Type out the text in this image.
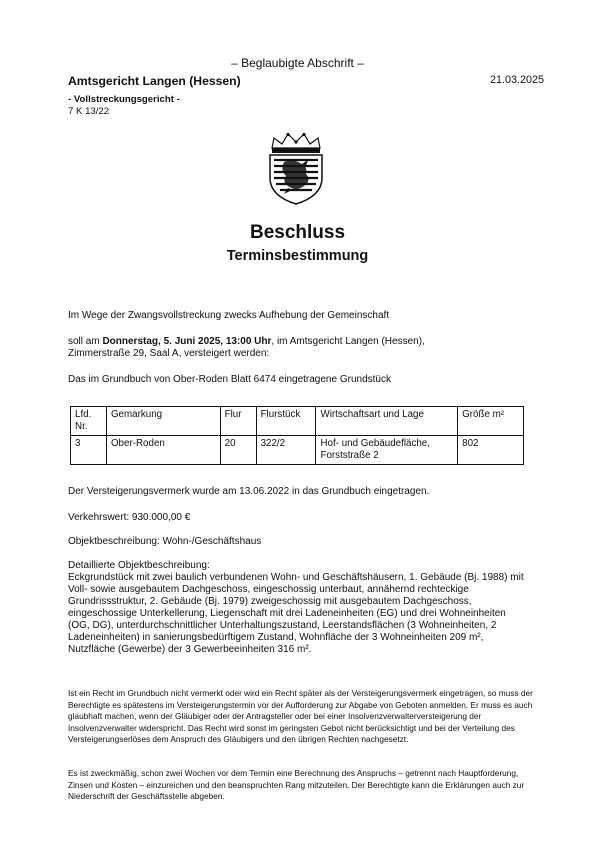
– Beglaubigte Abschrift –
Amtsgericht Langen (Hessen)	21.03.2025
- Vollstreckungsgericht -
7 K 13/22
Beschluss
Terminsbestimmung
Im Wege der Zwangsvollstreckung zwecks Aufhebung der Gemeinschaft
soll am Donnerstag, 5. Juni 2025, 13:00 Uhr, im Amtsgericht Langen (Hessen),
Zimmerstraße 29, Saal A, versteigert werden:
Das im Grundbuch von Ober-Roden Blatt 6474 eingetragene Grundstück
Lfd. Nr.	Gemarkung	Flur	Flurstück	Wirtschaftsart und Lage	Größe m²
3	Ober-Roden	20	322/2	Hof- und Gebäudefläche, Forststraße 2	802
Der Versteigerungsvermerk wurde am 13.06.2022 in das Grundbuch eingetragen.
Verkehrswert: 930.000,00 €
Objektbeschreibung: Wohn-/Geschäftshaus
Detaillierte Objektbeschreibung:
Eckgrundstück mit zwei baulich verbundenen Wohn- und Geschäftshäusern, 1. Gebäude (Bj. 1988) mit Voll- sowie ausgebautem Dachgeschoss, eingeschossig unterbaut, annähernd rechteckige Grundrissstruktur, 2. Gebäude (Bj. 1979) zweigeschossig mit ausgebautem Dachgeschoss, eingeschossige Unterkellerung, Liegenschaft mit drei Ladeneinheiten (EG) und drei Wohneinheiten (OG, DG), unterdurchschnittlicher Unterhaltungszustand, Leerstandsflächen (3 Wohneinheiten, 2 Ladeneinheiten) in sanierungsbedürftigem Zustand, Wohnfläche der 3 Wohneinheiten 209 m², Nutzfläche (Gewerbe) der 3 Gewerbeeinheiten 316 m².
Ist ein Recht im Grundbuch nicht vermerkt oder wird ein Recht später als der Versteigerungsvermerk eingetragen, so muss der Berechtigte es spätestens im Versteigerungstermin vor der Aufforderung zur Abgabe von Geboten anmelden. Er muss es auch glaubhaft machen, wenn der Gläubiger oder der Antragsteller oder bei einer Insolvenzverwalterversteigerung der Insolvenzverwalter widerspricht. Das Recht wird sonst im geringsten Gebot nicht berücksichtigt und bei der Verteilung des Versteigerungserlöses dem Anspruch des Gläubigers und den übrigen Rechten nachgesetzt.
Es ist zweckmäßig, schon zwei Wochen vor dem Termin eine Berechnung des Anspruchs – getrennt nach Hauptforderung, Zinsen und Kosten – einzureichen und den beanspruchten Rang mitzuteilen. Der Berechtigte kann die Erklärungen auch zur Niederschrift der Geschäftsstelle abgeben.
